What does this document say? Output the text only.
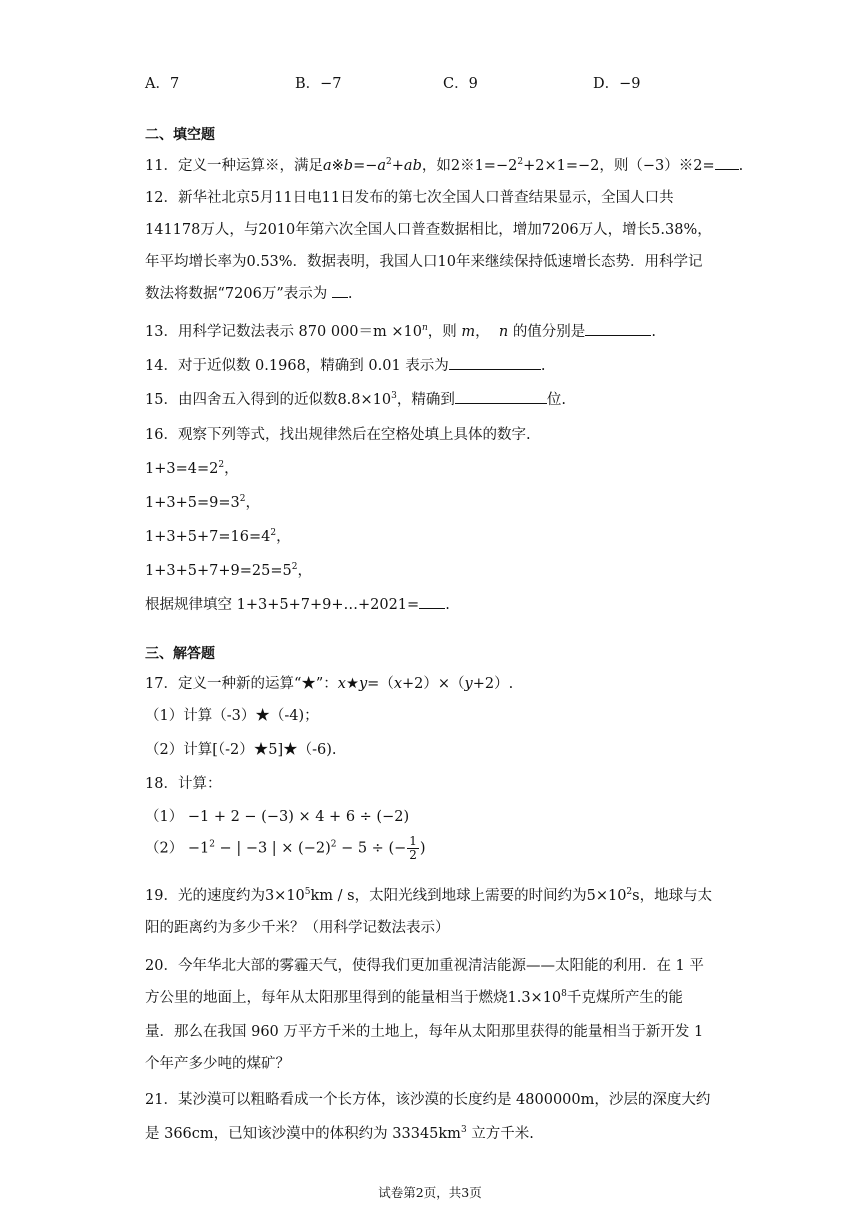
A．7	B．−7	C．9	D．−9
二、填空题
11．定义一种运算※，满足$a※b=-a^2+ab$，如$2※1=-2^2+2\times 1=-2$，则（−3）※2= .
12．新华社北京5月11日电11日发布的第七次全国人口普查结果显示，全国人口共
141178万人，与2010年第六次全国人口普查数据相比，增加7206万人，增长5.38%，
年平均增长率为0.53%．数据表明，我国人口10年来继续保持低速增长态势．用科学记
数法将数据“7206万”表示为 .
13．用科学记数法表示 870 $000=m \times 10^n$，则 m， n 的值分别是	.
14．对于近似数 0.1968，精确到 0.01 表示为	.
15．由四舍五入得到的近似数$8.8\times 10^3$，精确到	位.
16．观察下列等式，找出规律然后在空格处填上具体的数字.
$1+3=4=2^2$，
$1+3+5=9=3^2$，
$1+3+5+7=16=4^2$，
$1+3+5+7+9=25=5^2$，
根据规律填空 1+3+5+7+9+…+2021= .
三、解答题
17．定义一种新的运算“★”：x★y=（x+2）×（y+2）.
（1）计算（-3）★（-4)；
（2）计算[（-2）★5]★（-6).
18．计算：
（1） −1 + 2 − (−3) × 4 + 6 ÷ (−2)
$(2) -1^2$ − | −3 | × $(-2)^2 - 5$ ÷ (− $\frac{1}{2}$ )
19．光的速度约为$3\times 10^5km / s$，太阳光线到地球上需要的时间约为$5\times 10^2s$，地球与太
阳的距离约为多少千米？（用科学记数法表示）
20．今年华北大部的雾霾天气，使得我们更加重视清洁能源——太阳能的利用．在 1 平
方公里的地面上，每年从太阳那里得到的能量相当于燃烧$1.3\times 10^8$千克煤所产生的能
量．那么在我国 960 万平方千米的土地上，每年从太阳那里获得的能量相当于新开发 1
个年产多少吨的煤矿？
21．某沙漠可以粗略看成一个长方体，该沙漠的长度约是 4800000m，沙层的深度大约
是 366cm，已知该沙漠中的体积约为 $33345km^3$ 立方千米.
试卷第2页，共3页
